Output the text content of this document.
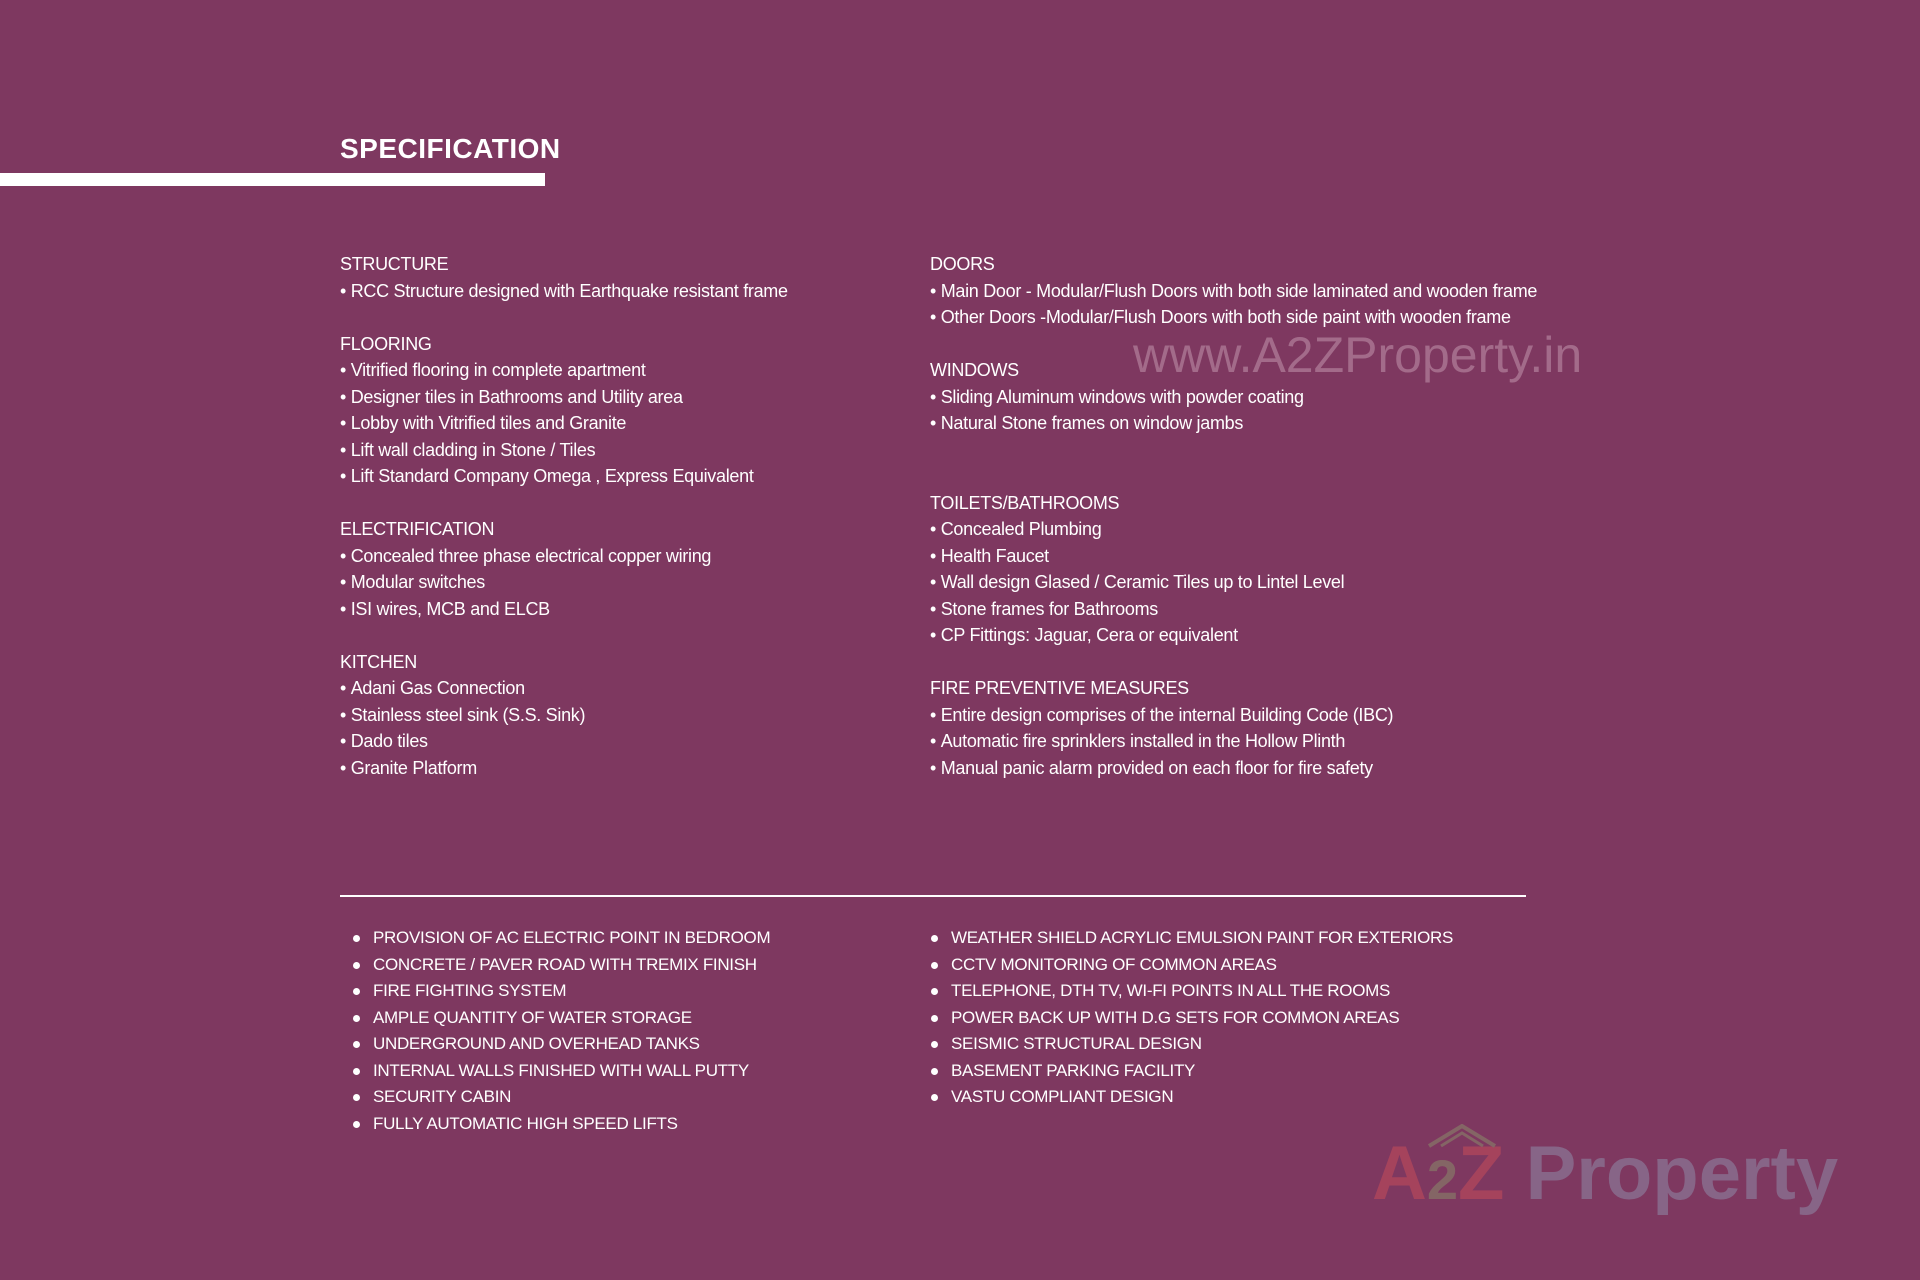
SPECIFICATION
www.A2ZProperty.in
STRUCTURE
• RCC Structure designed with Earthquake resistant frame
FLOORING
• Vitrified flooring in complete apartment
• Designer tiles in Bathrooms and Utility area
• Lobby with Vitrified tiles and Granite
• Lift wall cladding in Stone / Tiles
• Lift Standard Company Omega , Express Equivalent
ELECTRIFICATION
• Concealed three phase electrical copper wiring
• Modular switches
• ISI wires, MCB and ELCB
KITCHEN
• Adani Gas Connection
• Stainless steel sink (S.S. Sink)
• Dado tiles
• Granite Platform
DOORS
• Main Door - Modular/Flush Doors with both side laminated and wooden frame
• Other Doors -Modular/Flush Doors with both side paint with wooden frame
WINDOWS
• Sliding Aluminum windows with powder coating
• Natural Stone frames on window jambs
TOILETS/BATHROOMS
• Concealed Plumbing
• Health Faucet
• Wall design Glased / Ceramic Tiles up to Lintel Level
• Stone frames for Bathrooms
• CP Fittings: Jaguar, Cera or equivalent
FIRE PREVENTIVE MEASURES
• Entire design comprises of the internal Building Code (IBC)
• Automatic fire sprinklers installed in the Hollow Plinth
• Manual panic alarm provided on each floor for fire safety
PROVISION OF AC ELECTRIC POINT IN BEDROOM
CONCRETE / PAVER ROAD WITH TREMIX FINISH
FIRE FIGHTING SYSTEM
AMPLE QUANTITY OF WATER STORAGE
UNDERGROUND AND OVERHEAD TANKS
INTERNAL WALLS FINISHED WITH WALL PUTTY
SECURITY CABIN
FULLY AUTOMATIC HIGH SPEED LIFTS
WEATHER SHIELD ACRYLIC EMULSION PAINT FOR EXTERIORS
CCTV MONITORING OF COMMON AREAS
TELEPHONE, DTH TV, WI-FI POINTS IN ALL THE ROOMS
POWER BACK UP WITH D.G SETS FOR COMMON AREAS
SEISMIC STRUCTURAL DESIGN
BASEMENT PARKING FACILITY
VASTU COMPLIANT DESIGN
A2Z Property
